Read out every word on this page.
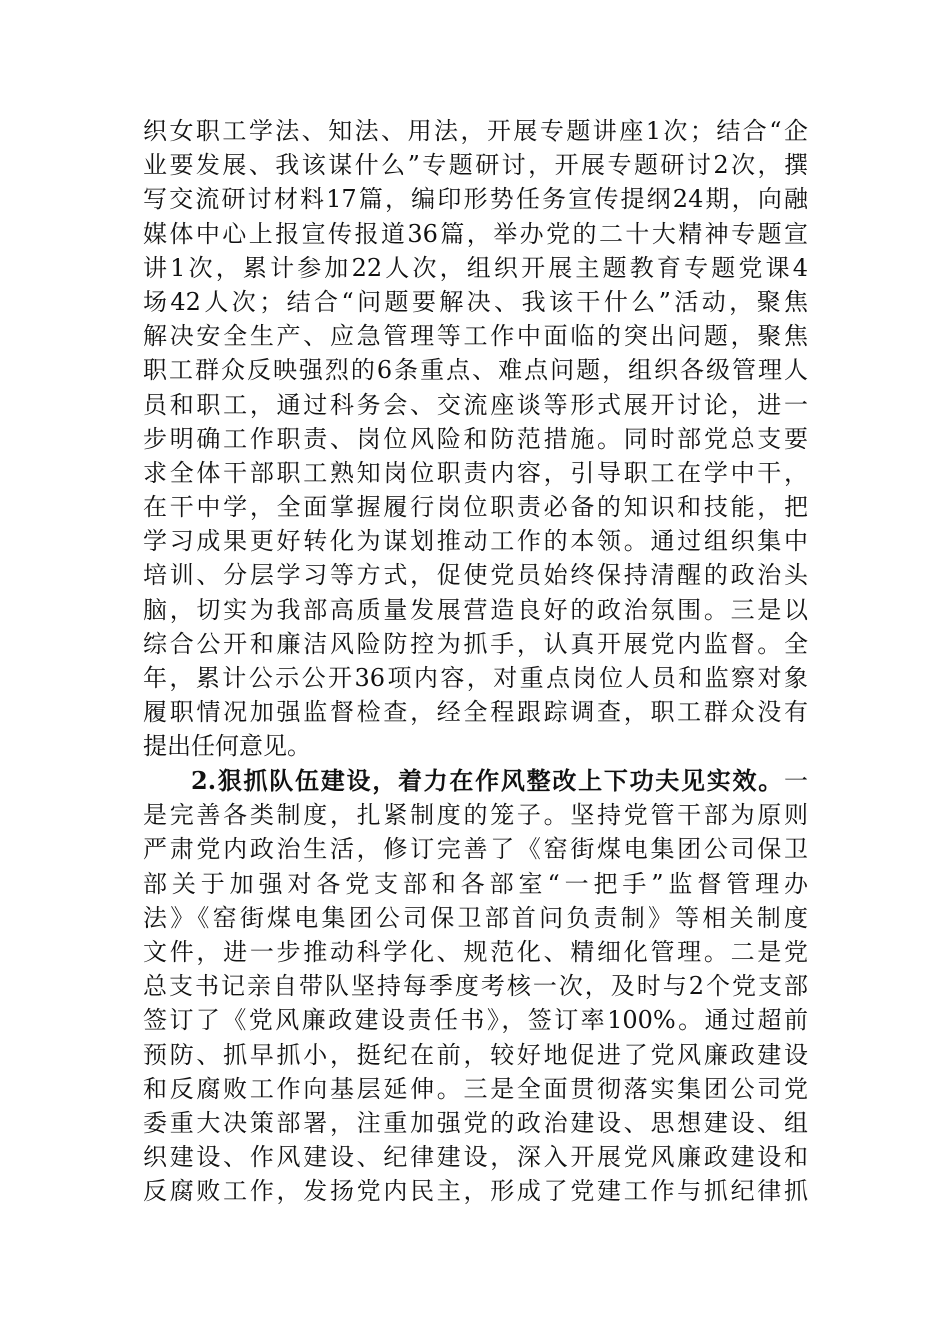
织女职工学法、知法、用法，开展专题讲座1次；结合“企
业要发展、我该谋什么”专题研讨，开展专题研讨2次，撰
写交流研讨材料17篇，编印形势任务宣传提纲24期，向融
媒体中心上报宣传报道36篇，举办党的二十大精神专题宣
讲1次，累计参加22人次，组织开展主题教育专题党课4
场42人次；结合“问题要解决、我该干什么”活动，聚焦
解决安全生产、应急管理等工作中面临的突出问题，聚焦
职工群众反映强烈的6条重点、难点问题，组织各级管理人
员和职工，通过科务会、交流座谈等形式展开讨论，进一
步明确工作职责、岗位风险和防范措施。同时部党总支要
求全体干部职工熟知岗位职责内容，引导职工在学中干，
在干中学，全面掌握履行岗位职责必备的知识和技能，把
学习成果更好转化为谋划推动工作的本领。通过组织集中
培训、分层学习等方式，促使党员始终保持清醒的政治头
脑，切实为我部高质量发展营造良好的政治氛围。三是以
综合公开和廉洁风险防控为抓手，认真开展党内监督。全
年，累计公示公开36项内容，对重点岗位人员和监察对象
履职情况加强监督检查，经全程跟踪调查，职工群众没有
提出任何意见。
2.狠抓队伍建设，着力在作风整改上下功夫见实效。一
是完善各类制度，扎紧制度的笼子。坚持党管干部为原则
严肃党内政治生活，修订完善了《窑街煤电集团公司保卫
部关于加强对各党支部和各部室“一把手”监督管理办
法》《窑街煤电集团公司保卫部首问负责制》等相关制度
文件，进一步推动科学化、规范化、精细化管理。二是党
总支书记亲自带队坚持每季度考核一次，及时与2个党支部
签订了《党风廉政建设责任书》，签订率100%。通过超前
预防、抓早抓小，挺纪在前，较好地促进了党风廉政建设
和反腐败工作向基层延伸。三是全面贯彻落实集团公司党
委重大决策部署，注重加强党的政治建设、思想建设、组
织建设、作风建设、纪律建设，深入开展党风廉政建设和
反腐败工作，发扬党内民主，形成了党建工作与抓纪律抓
